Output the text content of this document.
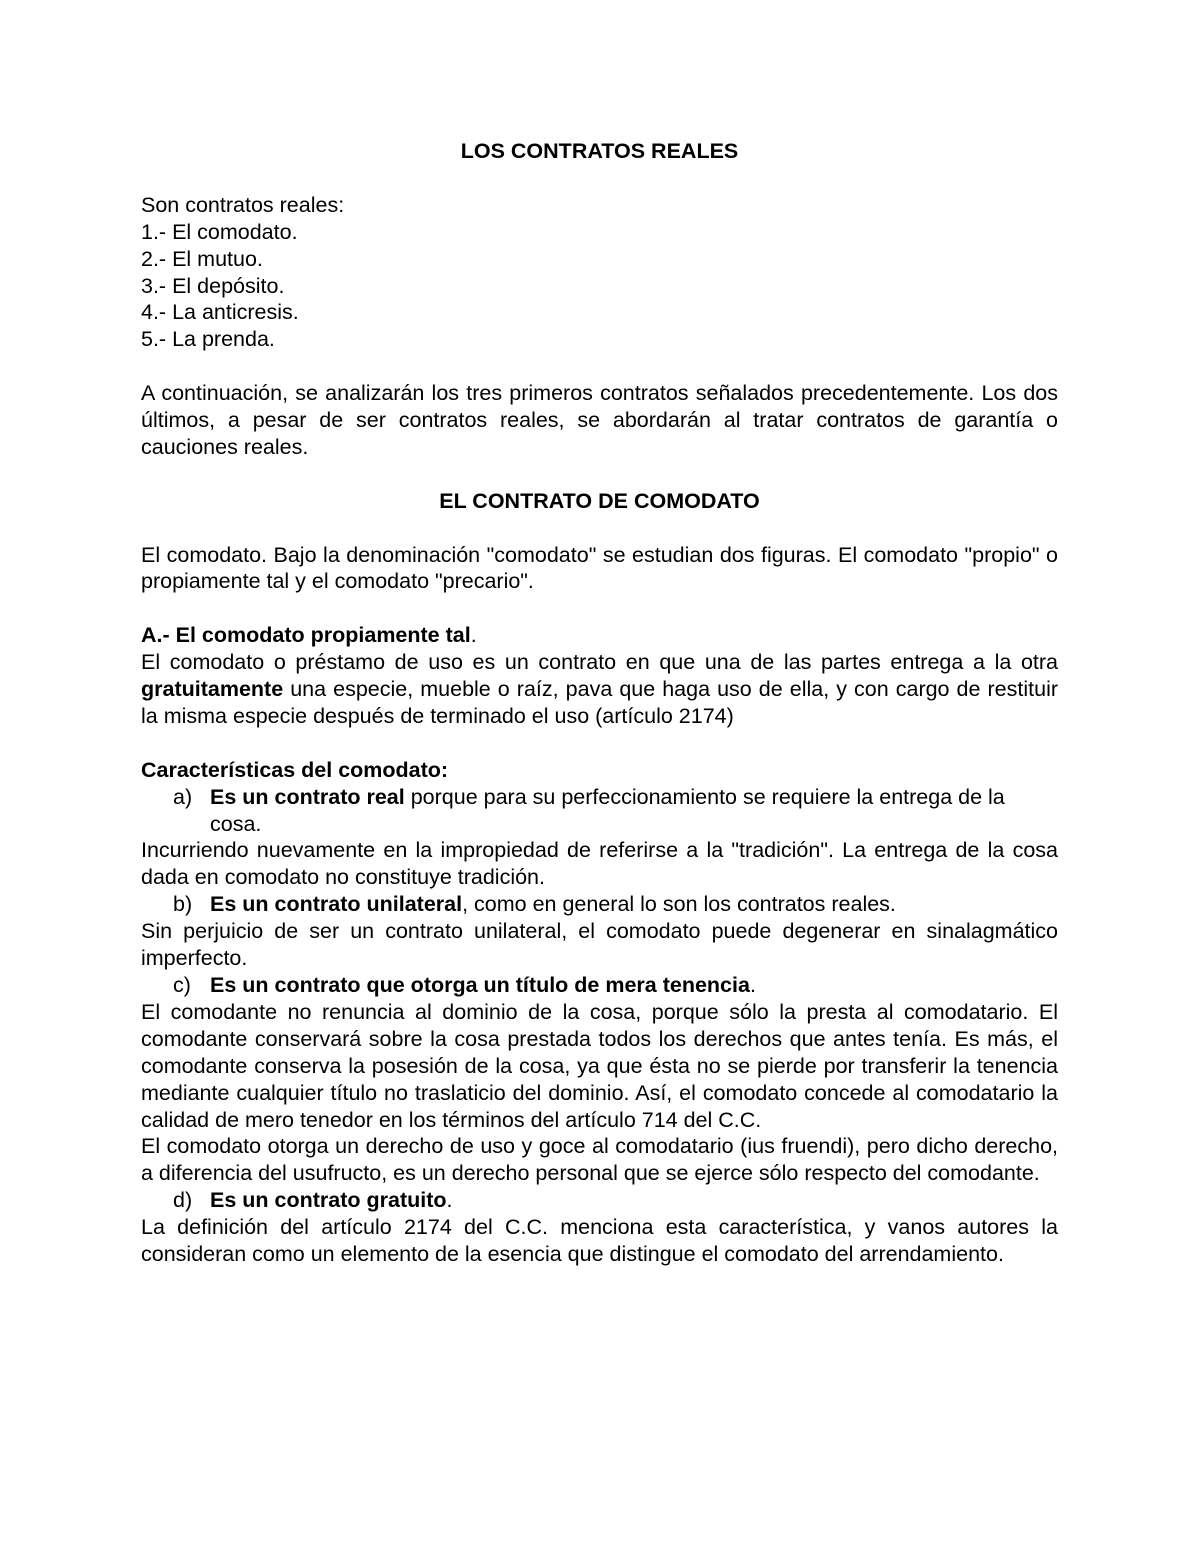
LOS CONTRATOS REALES

Son contratos reales:

1.- El comodato.

2.- El mutuo.

3.- El depósito.

4.- La anticresis.

5.- La prenda.

A continuación, se analizarán los tres primeros contratos señalados precedentemente. Los dos últimos, a pesar de ser contratos reales, se abordarán al tratar contratos de garantía o cauciones reales.

EL CONTRATO DE COMODATO

El comodato. Bajo la denominación "comodato" se estudian dos figuras. El comodato "propio" o propiamente tal y el comodato "precario".

A.- El comodato propiamente tal.

El comodato o préstamo de uso es un contrato en que una de las partes entrega a la otra gratuitamente una especie, mueble o raíz, pava que haga uso de ella, y con cargo de restituir la misma especie después de terminado el uso (artículo 2174)

Características del comodato:

a) Es un contrato real porque para su perfeccionamiento se requiere la entrega de la cosa.

Incurriendo nuevamente en la impropiedad de referirse a la "tradición". La entrega de la cosa dada en comodato no constituye tradición.

b) Es un contrato unilateral, como en general lo son los contratos reales.

Sin perjuicio de ser un contrato unilateral, el comodato puede degenerar en sinalagmático imperfecto.

c) Es un contrato que otorga un título de mera tenencia.

El comodante no renuncia al dominio de la cosa, porque sólo la presta al comodatario. El comodante conservará sobre la cosa prestada todos los derechos que antes tenía. Es más, el comodante conserva la posesión de la cosa, ya que ésta no se pierde por transferir la tenencia mediante cualquier título no traslaticio del dominio. Así, el comodato concede al comodatario la calidad de mero tenedor en los términos del artículo 714 del C.C.

El comodato otorga un derecho de uso y goce al comodatario (ius fruendi), pero dicho derecho, a diferencia del usufructo, es un derecho personal que se ejerce sólo respecto del comodante.

d) Es un contrato gratuito.

La definición del artículo 2174 del C.C. menciona esta característica, y vanos autores la consideran como un elemento de la esencia que distingue el comodato del arrendamiento.
